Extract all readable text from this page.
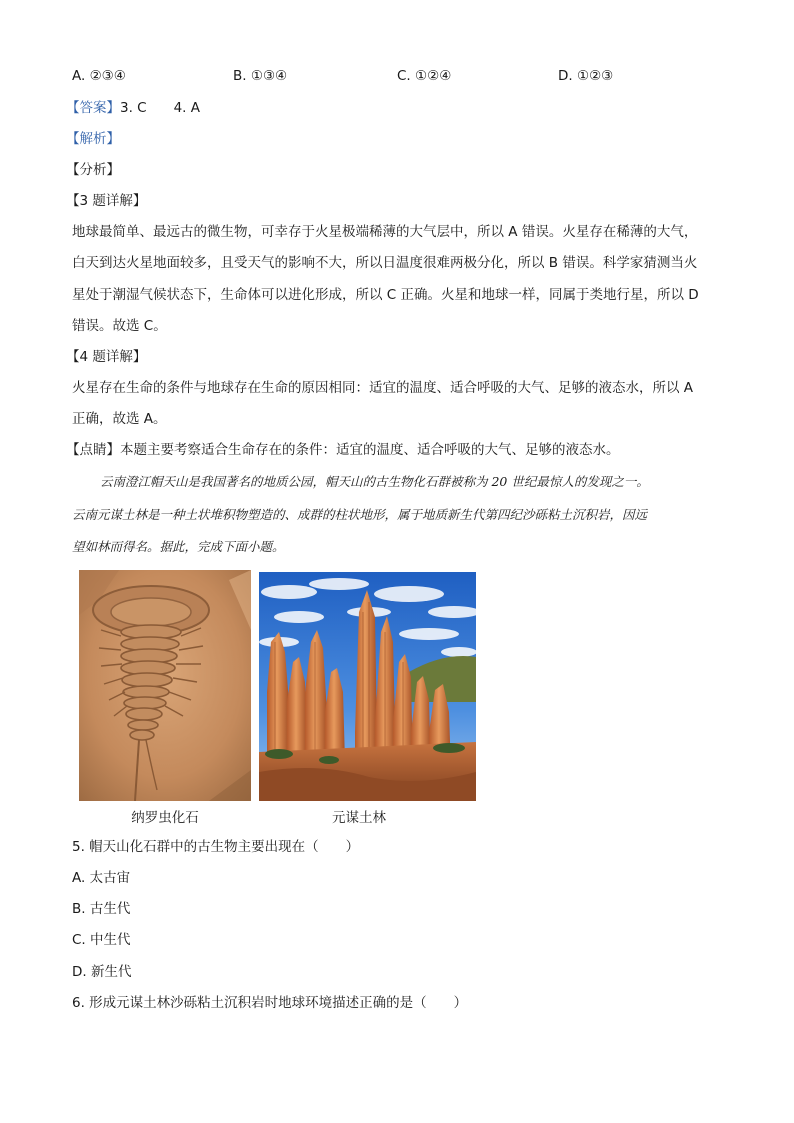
A. ②③④	B. ①③④	C. ①②④	D. ①②③
【答案】3. C　　4. A
【解析】
【分析】
【3 题详解】
地球最简单、最远古的微生物，可幸存于火星极端稀薄的大气层中，所以 A 错误。火星存在稀薄的大气，
白天到达火星地面较多，且受天气的影响不大，所以日温度很难两极分化，所以 B 错误。科学家猜测当火
星处于潮湿气候状态下，生命体可以进化形成，所以 C 正确。火星和地球一样，同属于类地行星，所以 D
错误。故选 C。
【4 题详解】
火星存在生命的条件与地球存在生命的原因相同：适宜的温度、适合呼吸的大气、足够的液态水，所以 A
正确，故选 A。
【点睛】本题主要考察适合生命存在的条件：适宜的温度、适合呼吸的大气、足够的液态水。
云南澄江帽天山是我国著名的地质公园，帽天山的古生物化石群被称为 20 世纪最惊人的发现之一。
云南元谋土林是一种土状堆积物塑造的、成群的柱状地形，属于地质新生代第四纪沙砾粘土沉积岩，因远
望如林而得名。据此，完成下面小题。
纳罗虫化石	元谋土林
5. 帽天山化石群中的古生物主要出现在（　　）
A. 太古宙
B. 古生代
C. 中生代
D. 新生代
6. 形成元谋土林沙砾粘土沉积岩时地球环境描述正确的是（　　）
